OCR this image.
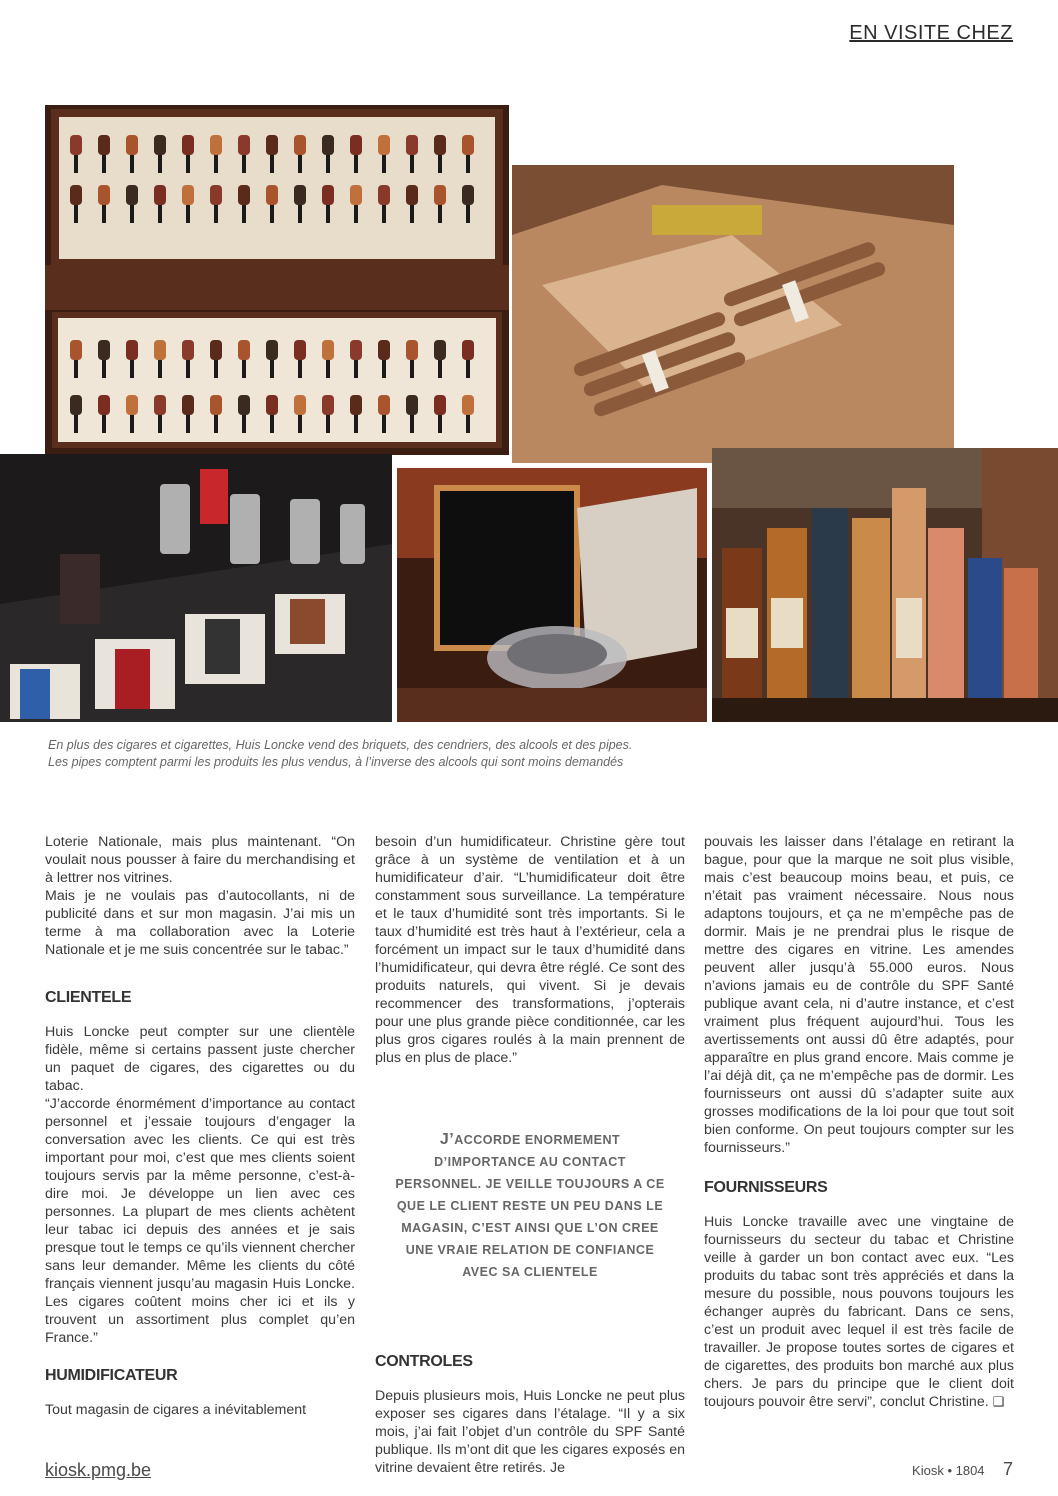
EN VISITE CHEZ
En plus des cigares et cigarettes, Huis Loncke vend des briquets, des cendriers, des alcools et des pipes.
Les pipes comptent parmi les produits les plus vendus, à l’inverse des alcools qui sont moins demandés

Loterie Nationale, mais plus maintenant. “On voulait nous pousser à faire du merchandising et à lettrer nos vitrines.

Mais je ne voulais pas d’autocollants, ni de publicité dans et sur mon magasin. J’ai mis un terme à ma collaboration avec la Loterie Nationale et je me suis concentrée sur le tabac.”

CLIENTELE

Huis Loncke peut compter sur une clientèle fidèle, même si certains passent juste chercher un paquet de cigares, des cigarettes ou du tabac.

“J’accorde énormément d’importance au contact personnel et j’essaie toujours d’engager la conversation avec les clients. Ce qui est très important pour moi, c’est que mes clients soient toujours servis par la même personne, c’est-à-dire moi. Je développe un lien avec ces personnes. La plupart de mes clients achètent leur tabac ici depuis des années et je sais presque tout le temps ce qu’ils viennent chercher sans leur demander. Même les clients du côté français viennent jusqu’au magasin Huis Loncke. Les cigares coûtent moins cher ici et ils y trouvent un assortiment plus complet qu’en France.”

HUMIDIFICATEUR

Tout magasin de cigares a inévitablement

besoin d’un humidificateur. Christine gère tout grâce à un système de ventilation et à un humidificateur d’air. “L’humidificateur doit être constamment sous surveillance. La température et le taux d’humidité sont très importants. Si le taux d’humidité est très haut à l’extérieur, cela a forcément un impact sur le taux d’humidité dans l’humidificateur, qui devra être réglé. Ce sont des produits naturels, qui vivent. Si je devais recommencer des transformations, j’opterais pour une plus grande pièce conditionnée, car les plus gros cigares roulés à la main prennent de plus en plus de place.”

J’ACCORDE ENORMEMENT D’IMPORTANCE AU CONTACT PERSONNEL. JE VEILLE TOUJOURS A CE QUE LE CLIENT RESTE UN PEU DANS LE MAGASIN, C’EST AINSI QUE L’ON CREE UNE VRAIE RELATION DE CONFIANCE AVEC SA CLIENTELE
CONTROLES

Depuis plusieurs mois, Huis Loncke ne peut plus exposer ses cigares dans l’étalage. “Il y a six mois, j’ai fait l’objet d’un contrôle du SPF Santé publique. Ils m’ont dit que les cigares exposés en vitrine devaient être retirés. Je

pouvais les laisser dans l’étalage en retirant la bague, pour que la marque ne soit plus visible, mais c’est beaucoup moins beau, et puis, ce n’était pas vraiment nécessaire. Nous nous adaptons toujours, et ça ne m’empêche pas de dormir. Mais je ne prendrai plus le risque de mettre des cigares en vitrine. Les amendes peuvent aller jusqu’à 55.000 euros. Nous n’avions jamais eu de contrôle du SPF Santé publique avant cela, ni d’autre instance, et c’est vraiment plus fréquent aujourd’hui. Tous les avertissements ont aussi dû être adaptés, pour apparaître en plus grand encore. Mais comme je l’ai déjà dit, ça ne m’empêche pas de dormir. Les fournisseurs ont aussi dû s’adapter suite aux grosses modifications de la loi pour que tout soit bien conforme. On peut toujours compter sur les fournisseurs.”

FOURNISSEURS

Huis Loncke travaille avec une vingtaine de fournisseurs du secteur du tabac et Christine veille à garder un bon contact avec eux. “Les produits du tabac sont très appréciés et dans la mesure du possible, nous pouvons toujours les échanger auprès du fabricant. Dans ce sens, c’est un produit avec lequel il est très facile de travailler. Je propose toutes sortes de cigares et de cigarettes, des produits bon marché aux plus chers. Je pars du principe que le client doit toujours pouvoir être servi”, conclut Christine. ❑

kiosk.pmg.be	Kiosk • 1804 7
